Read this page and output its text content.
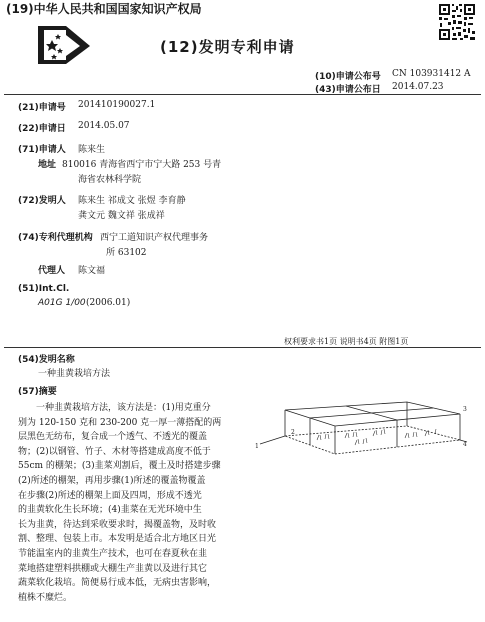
(19)中华人民共和国国家知识产权局
(12)发明专利申请
(10)申请公布号 CN 103931412 A
(43)申请公布日 2014.07.23
(21)申请号 201410190027.1
(22)申请日 2014.05.07
(71)申请人 陈来生
地址 810016 青海省西宁市宁大路 253 号青
海省农林科学院
(72)发明人 陈来生 祁成文 张煜 李育静
龚文元 魏文祥 张成祥
(74)专利代理机构 西宁工道知识产权代理事务
所 63102
代理人 陈文福
(51)Int.Cl.
A01G 1/00 (2006.01)
权利要求书1页 说明书4页 附图1页
(54)发明名称
一种韭黄栽培方法
(57)摘要

一种韭黄栽培方法，该方法是：(1)用克重分

别为 120-150 克和 230-200 克一厚一薄搭配的两

层黑色无纺布，复合成一个透气、不透光的覆盖

物；(2)以钢管、竹子、木材等搭建成高度不低于

55cm 的棚架；(3)韭菜刈割后，覆土及时搭建步骤

(2)所述的棚架，再用步骤(1)所述的覆盖物覆盖

在步骤(2)所述的棚架上面及四周，形成不透光

的韭黄软化生长环境；(4)韭菜在无光环境中生

长为韭黄，待达到采收要求时，揭覆盖物，及时收

割、整理、包装上市。本发明是适合北方地区日光

节能温室内的韭黄生产技术，也可在春夏秋在韭

菜地搭建塑料拱棚或大棚生产韭黄以及进行其它

蔬菜软化栽培。简便易行成本低，无病虫害影响，

植株不糜烂。

1
2
3
4
